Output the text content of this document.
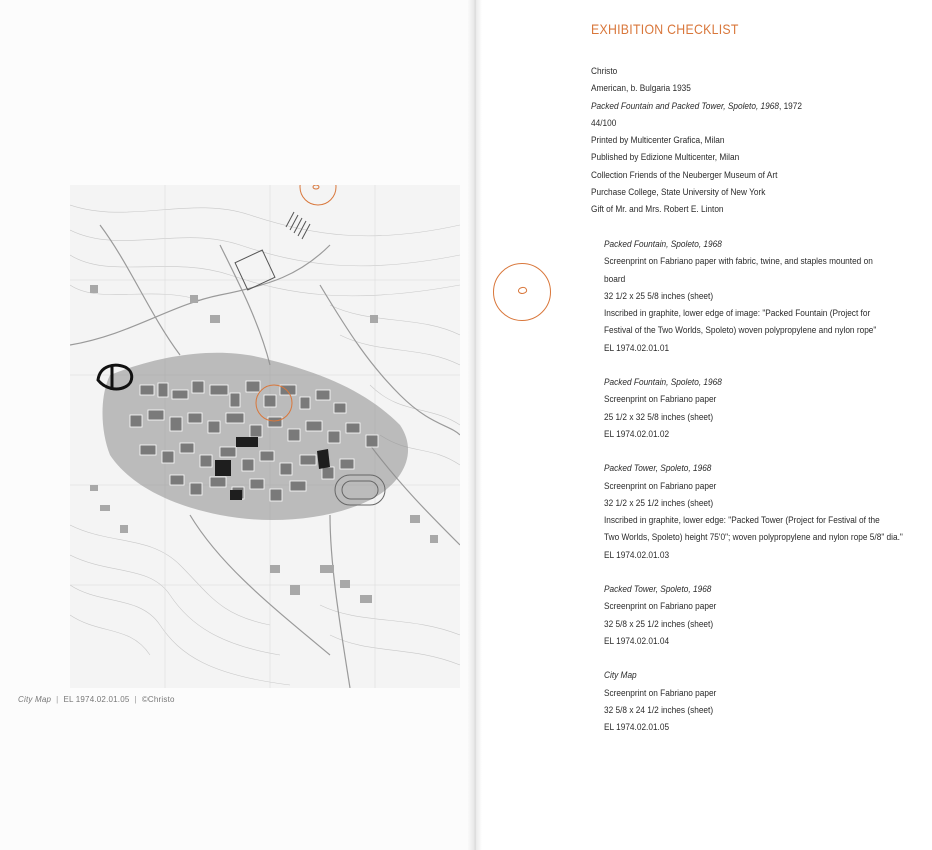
City Map | EL 1974.02.01.05 | ©Christo
EXHIBITION CHECKLIST
Christo
American, b. Bulgaria 1935
Packed Fountain and Packed Tower, Spoleto, 1968, 1972
44/100
Printed by Multicenter Grafica, Milan
Published by Edizione Multicenter, Milan
Collection Friends of the Neuberger Museum of Art
Purchase College, State University of New York
Gift of Mr. and Mrs. Robert E. Linton
Packed Fountain, Spoleto, 1968
Screenprint on Fabriano paper with fabric, twine, and staples mounted on
board
32 1/2 x 25 5/8 inches (sheet)
Inscribed in graphite, lower edge of image: "Packed Fountain (Project for
Festival of the Two Worlds, Spoleto) woven polypropylene and nylon rope"
EL 1974.02.01.01
Packed Fountain, Spoleto, 1968
Screenprint on Fabriano paper
25 1/2 x 32 5/8 inches (sheet)
EL 1974.02.01.02
Packed Tower, Spoleto, 1968
Screenprint on Fabriano paper
32 1/2 x 25 1/2 inches (sheet)
Inscribed in graphite, lower edge: "Packed Tower (Project for Festival of the
Two Worlds, Spoleto) height 75'0"; woven polypropylene and nylon rope 5/8" dia."
EL 1974.02.01.03
Packed Tower, Spoleto, 1968
Screenprint on Fabriano paper
32 5/8 x 25 1/2 inches (sheet)
EL 1974.02.01.04
City Map
Screenprint on Fabriano paper
32 5/8 x 24 1/2 inches (sheet)
EL 1974.02.01.05
